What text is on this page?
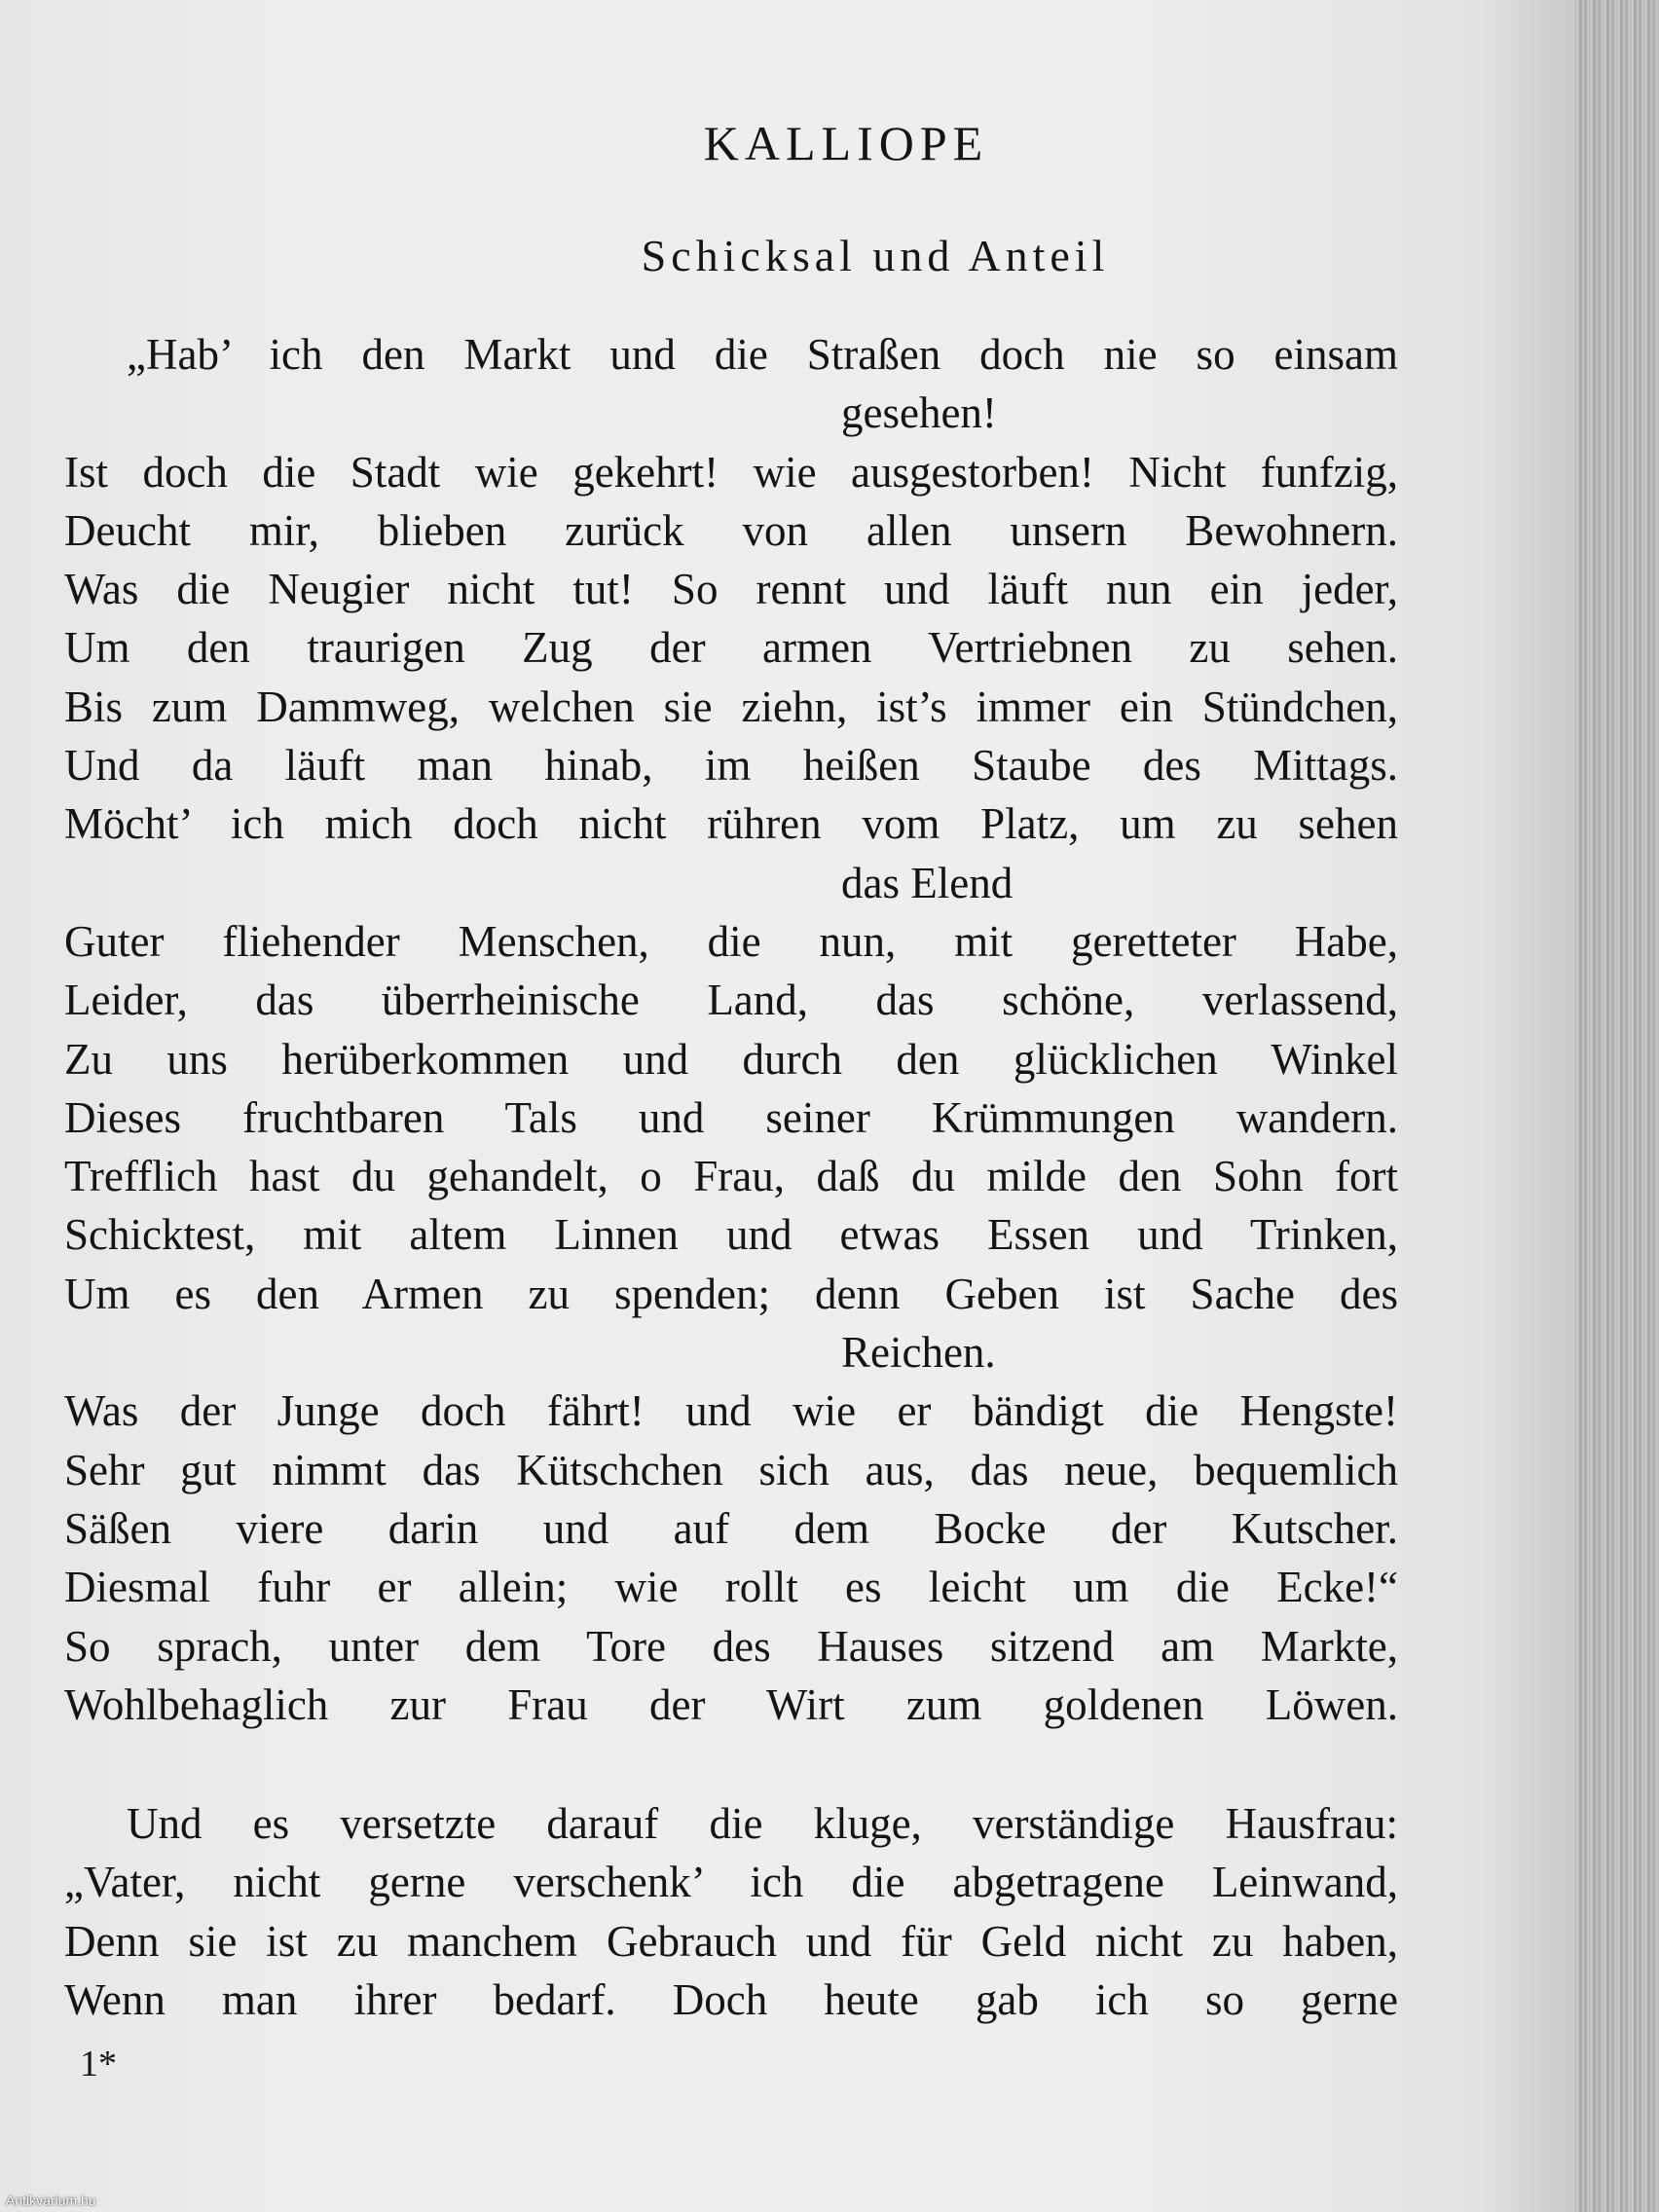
KALLIOPE
Schicksal und Anteil
„Hab’ ich den Markt und die Straßen doch nie so einsam
gesehen!
Ist doch die Stadt wie gekehrt! wie ausgestorben! Nicht funfzig,
Deucht mir, blieben zurück von allen unsern Bewohnern.
Was die Neugier nicht tut! So rennt und läuft nun ein jeder,
Um den traurigen Zug der armen Vertriebnen zu sehen.
Bis zum Dammweg, welchen sie ziehn, ist’s immer ein Stündchen,
Und da läuft man hinab, im heißen Staube des Mittags.
Möcht’ ich mich doch nicht rühren vom Platz, um zu sehen
das Elend
Guter fliehender Menschen, die nun, mit geretteter Habe,
Leider, das überrheinische Land, das schöne, verlassend,
Zu uns herüberkommen und durch den glücklichen Winkel
Dieses fruchtbaren Tals und seiner Krümmungen wandern.
Trefflich hast du gehandelt, o Frau, daß du milde den Sohn fort
Schicktest, mit altem Linnen und etwas Essen und Trinken,
Um es den Armen zu spenden; denn Geben ist Sache des
Reichen.
Was der Junge doch fährt! und wie er bändigt die Hengste!
Sehr gut nimmt das Kütschchen sich aus, das neue, bequemlich
Säßen viere darin und auf dem Bocke der Kutscher.
Diesmal fuhr er allein; wie rollt es leicht um die Ecke!“
So sprach, unter dem Tore des Hauses sitzend am Markte,
Wohlbehaglich zur Frau der Wirt zum goldenen Löwen.
Und es versetzte darauf die kluge, verständige Hausfrau:
„Vater, nicht gerne verschenk’ ich die abgetragene Leinwand,
Denn sie ist zu manchem Gebrauch und für Geld nicht zu haben,
Wenn man ihrer bedarf. Doch heute gab ich so gerne
1*
Antikvarium.hu
